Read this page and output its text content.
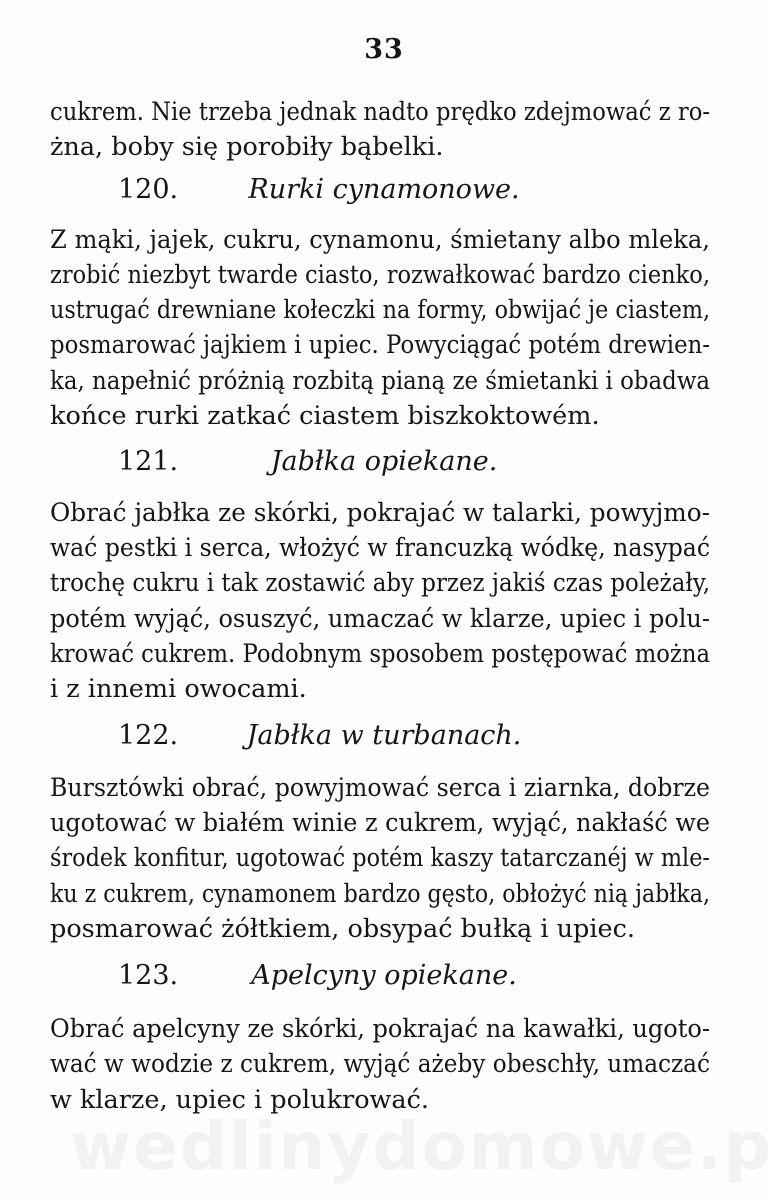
33
cukrem. Nie trzeba jednak nadto prędko zdejmować z ro-
żna, boby się porobiły bąbelki.
120.	Rurki cynamonowe.
Z mąki, jajek, cukru, cynamonu, śmietany albo mleka,
zrobić niezbyt twarde ciasto, rozwałkować bardzo cienko,
ustrugać drewniane kołeczki na formy, obwijać je ciastem,
posmarować jajkiem i upiec. Powyciągać potém drewien-
ka, napełnić próżnią rozbitą pianą ze śmietanki i obadwa
końce rurki zatkać ciastem biszkoktowém.
121.	Jabłka opiekane.
Obrać jabłka ze skórki, pokrajać w talarki, powyjmo-
wać pestki i serca, włożyć w francuzką wódkę, nasypać
trochę cukru i tak zostawić aby przez jakiś czas poleżały,
potém wyjąć, osuszyć, umaczać w klarze, upiec i polu-
krować cukrem. Podobnym sposobem postępować można
i z innemi owocami.
122.	Jabłka w turbanach.
Bursztówki obrać, powyjmować serca i ziarnka, dobrze
ugotować w białém winie z cukrem, wyjąć, nakłaść we
środek konfitur, ugotować potém kaszy tatarczanéj w mle-
ku z cukrem, cynamonem bardzo gęsto, obłożyć nią jabłka,
posmarować żółtkiem, obsypać bułką i upiec.
123.	Apelcyny opiekane.
Obrać apelcyny ze skórki, pokrajać na kawałki, ugoto-
wać w wodzie z cukrem, wyjąć ażeby obeschły, umaczać
w klarze, upiec i polukrować.
